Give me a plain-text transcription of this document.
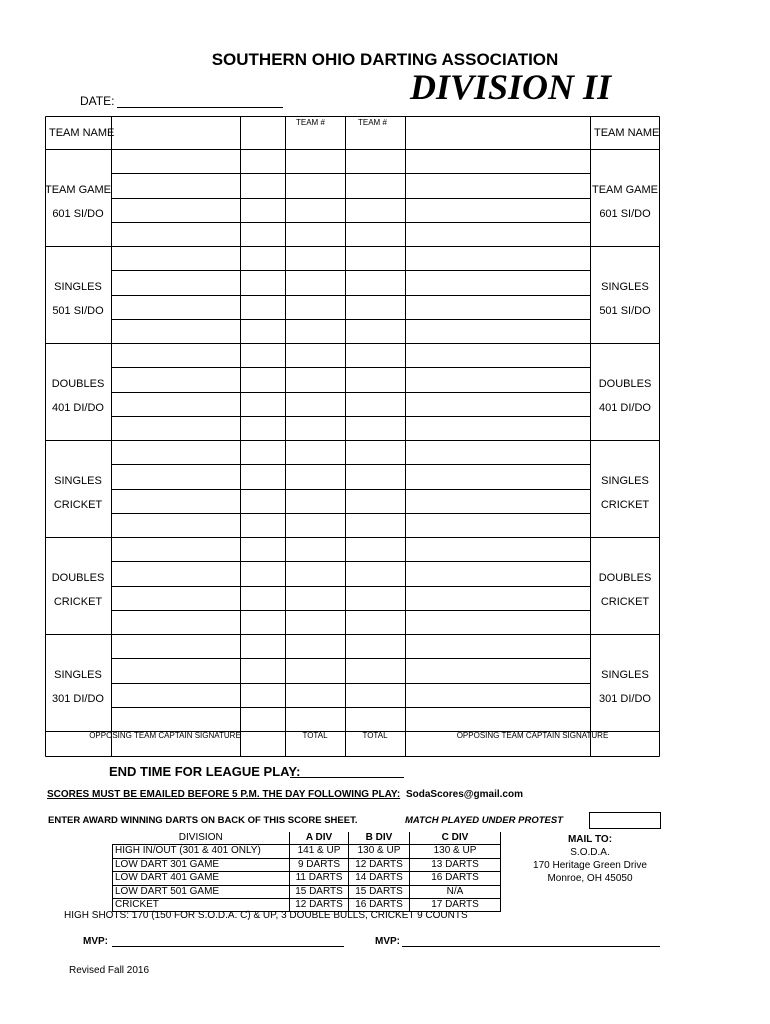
SOUTHERN OHIO DARTING ASSOCIATION
DIVISION II
DATE:
TEAM #	TEAM #
TEAM NAME	TEAM NAME
TEAM GAME
601 SI/DO
TEAM GAME
601 SI/DO
SINGLES
501 SI/DO
SINGLES
501 SI/DO
DOUBLES
401 DI/DO
DOUBLES
401 DI/DO
SINGLES
CRICKET
SINGLES
CRICKET
DOUBLES
CRICKET
DOUBLES
CRICKET
SINGLES
301 DI/DO
SINGLES
301 DI/DO
OPPOSING TEAM CAPTAIN SIGNATURE	TOTAL	TOTAL	OPPOSING TEAM CAPTAIN SIGNATURE
END TIME FOR LEAGUE PLAY:
SCORES MUST BE EMAILED BEFORE 5 P.M. THE DAY FOLLOWING PLAY: SodaScores@gmail.com
ENTER AWARD WINNING DARTS ON BACK OF THIS SCORE SHEET.	MATCH PLAYED UNDER PROTEST
DIVISION	A DIV	B DIV	C DIV
HIGH IN/OUT (301 & 401 ONLY)	141 & UP	130 & UP	130 & UP
LOW DART 301 GAME	9 DARTS	12 DARTS	13 DARTS
LOW DART 401 GAME	11 DARTS	14 DARTS	16 DARTS
LOW DART 501 GAME	15 DARTS	15 DARTS	N/A
CRICKET	12 DARTS	16 DARTS	17 DARTS
MAIL TO:
S.O.D.A.
170 Heritage Green Drive
Monroe, OH 45050
HIGH SHOTS: 170 (150 FOR S.O.D.A. C) & UP, 3 DOUBLE BULLS, CRICKET 9 COUNTS
MVP:	MVP:
Revised Fall 2016
